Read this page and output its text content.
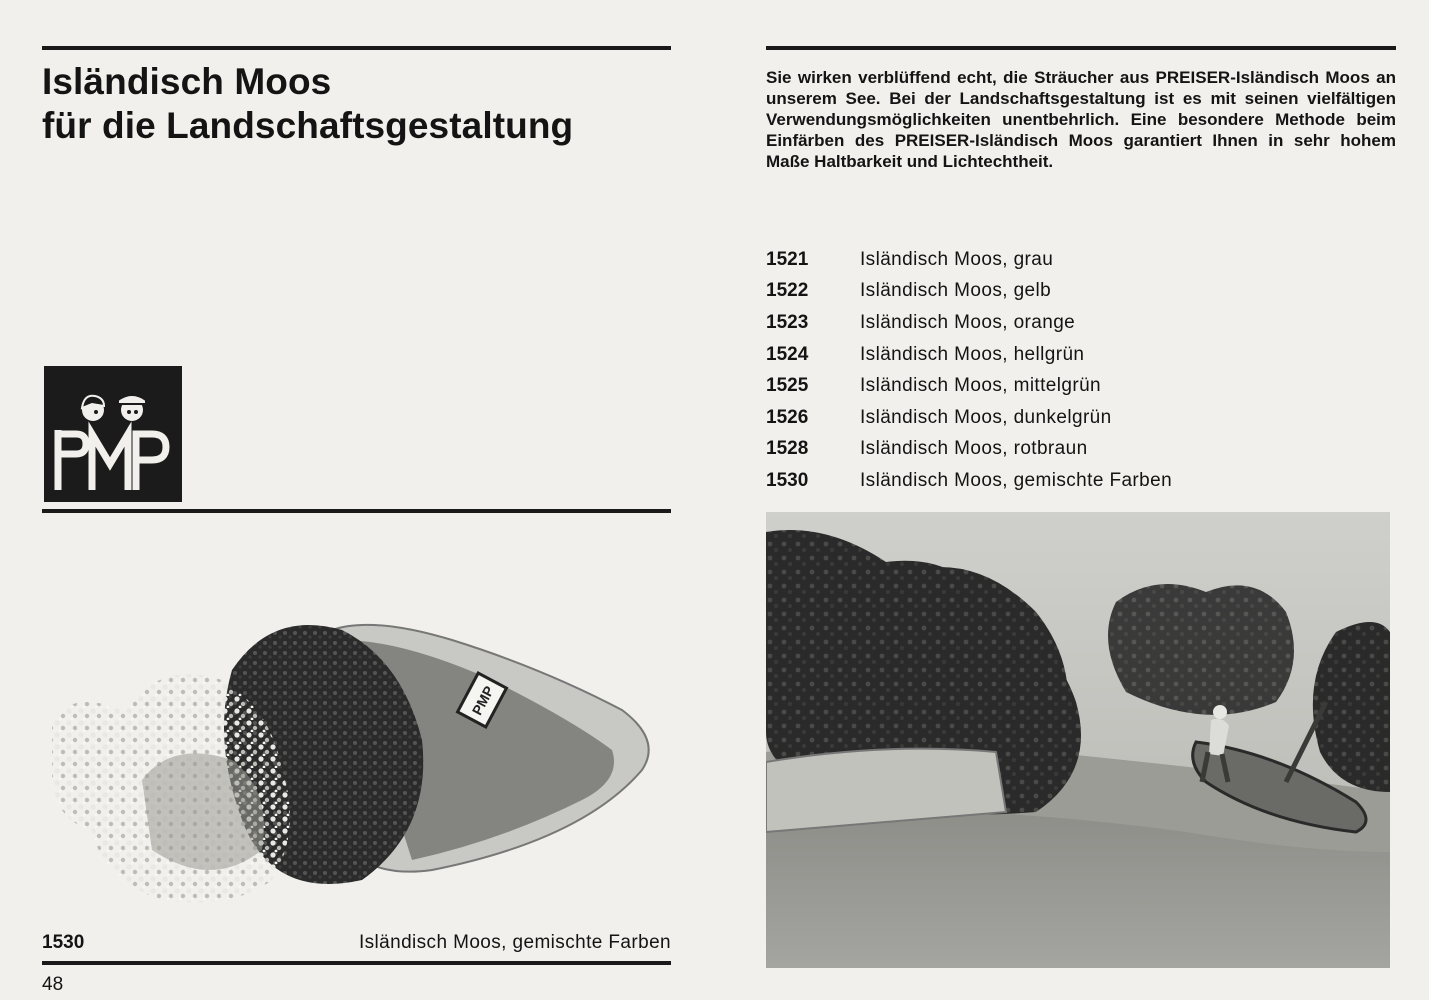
Isländisch Moos
für die Landschaftsgestaltung

Sie wirken verblüffend echt, die Sträucher aus PREISER-Isländisch Moos an unserem See. Bei der Landschaftsgestaltung ist es mit seinen vielfältigen Verwendungsmöglichkeiten unentbehrlich. Eine besondere Methode beim Einfärben des PREISER-Isländisch Moos garantiert Ihnen in sehr hohem Maße Haltbarkeit und Lichtechtheit.

1521	Isländisch Moos, grau
1522	Isländisch Moos, gelb
1523	Isländisch Moos, orange
1524	Isländisch Moos, hellgrün
1525	Isländisch Moos, mittelgrün
1526	Isländisch Moos, dunkelgrün
1528	Isländisch Moos, rotbraun
1530	Isländisch Moos, gemischte Farben
PMP
1530	Isländisch Moos, gemischte Farben
48
